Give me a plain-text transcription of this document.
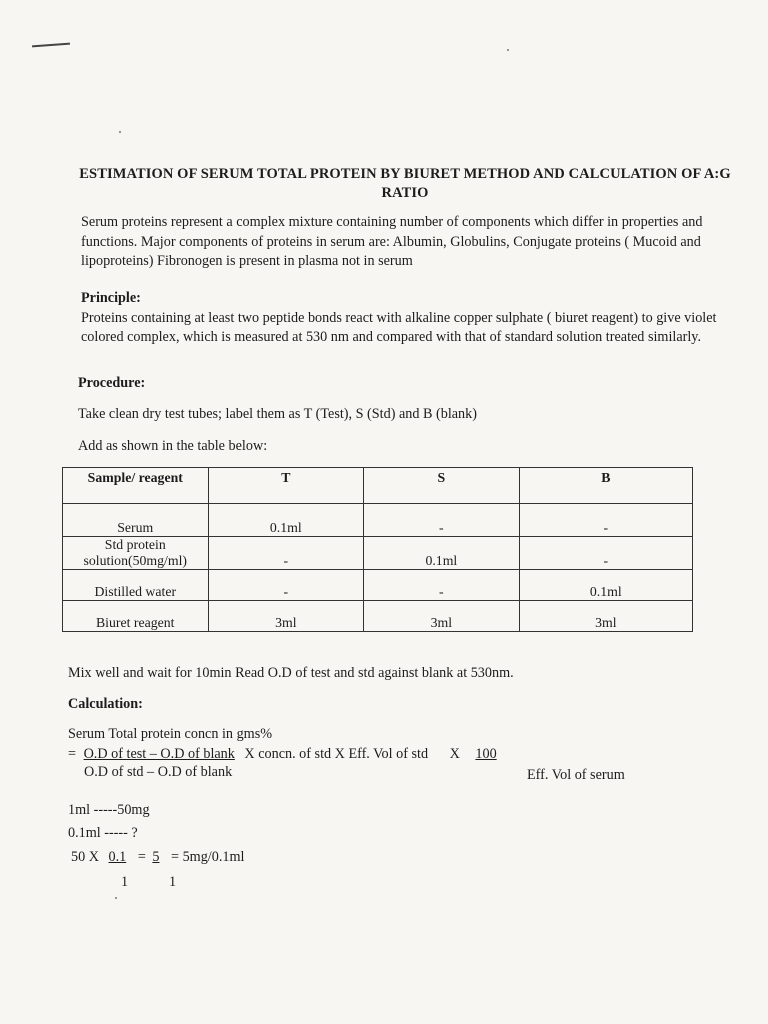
ESTIMATION OF SERUM TOTAL PROTEIN BY BIURET METHOD AND CALCULATION OF A:G RATIO
Serum proteins represent a complex mixture containing number of components which differ in properties and functions. Major components of proteins in serum are: Albumin, Globulins, Conjugate proteins ( Mucoid and lipoproteins) Fibronogen is present in plasma not in serum
Principle:
Proteins containing at least two peptide bonds react with alkaline copper sulphate ( biuret reagent) to give violet colored complex, which is measured at 530 nm and compared with that of standard solution treated similarly.
Procedure:
Take clean dry test tubes; label them as T (Test), S (Std) and B (blank)
Add as shown in the table below:
Sample/ reagent	T	S	B
Serum	0.1ml	-	-

Std protein
solution(50mg/ml)	-	0.1ml	-
Distilled water	-	-	0.1ml
Biuret reagent	3ml	3ml	3ml
Mix well and wait for 10min Read O.D of test and std against blank at 530nm.
Calculation:
Serum Total protein concn in gms%
= O.D of test – O.D of blank X concn. of std X Eff. Vol of std X 100
O.D of std – O.D of blank	Eff. Vol of serum
1ml -----50mg
0.1ml ----- ?
50 X 0.1 = 5 = 5mg/0.1ml
1	1
